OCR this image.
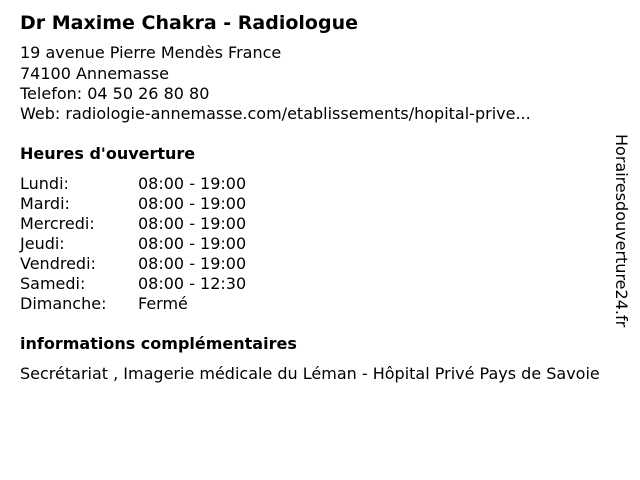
Dr Maxime Chakra - Radiologue
19 avenue Pierre Mendès France
74100 Annemasse
Telefon: 04 50 26 80 80
Web: radiologie-annemasse.com/etablissements/hopital-prive...
Heures d'ouverture
Lundi:	08:00 - 19:00
Mardi:	08:00 - 19:00
Mercredi:	08:00 - 19:00
Jeudi:	08:00 - 19:00
Vendredi:	08:00 - 19:00
Samedi:	08:00 - 12:30
Dimanche: Fermé
informations complémentaires
Secrétariat , Imagerie médicale du Léman - Hôpital Privé Pays de Savoie
Horairesdouverture24.fr
